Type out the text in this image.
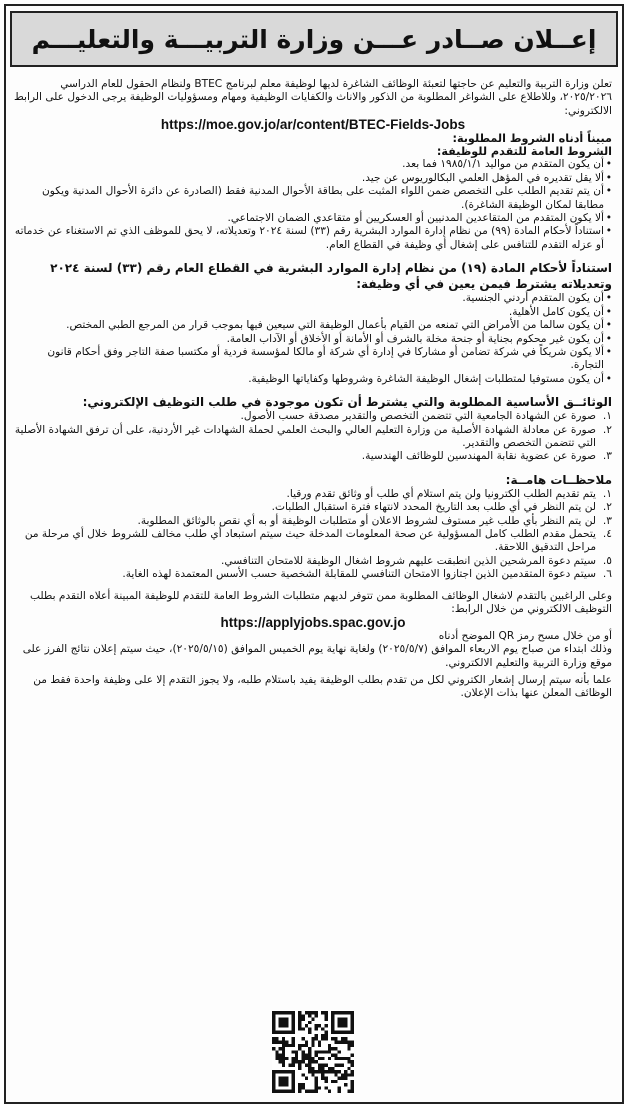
إعــلان صــادر عـــن وزارة التربيـــة والتعليـــم

تعلن وزارة التربية والتعليم عن حاجتها لتعبئة الوظائف الشاغرة لديها لوظيفة معلم لبرنامج BTEC ولنظام الحقول للعام الدراسي ٢٠٢٥/٢٠٢٦، وللاطلاع على الشواغر المطلوبة من الذكور والاناث والكفايات الوظيفية ومهام ومسؤوليات الوظيفة يرجى الدخول على الرابط الالكتروني:

https://moe.gov.jo/ar/content/BTEC-Fields-Jobs

مبيناً أدناه الشروط المطلوبة:

الشروط العامة للتقدم للوظيفة:

• أن يكون المتقدم من مواليد ١٩٨٥/١/١ فما بعد.
• ألا يقل تقديره في المؤهل العلمي البكالوريوس عن جيد.
• أن يتم تقديم الطلب على التخصص ضمن اللواء المثبت على بطاقة الأحوال المدنية فقط (الصادرة عن دائرة الأحوال المدنية ويكون مطابقا لمكان الوظيفة الشاغرة).
• ألا يكون المتقدم من المتقاعدين المدنيين أو العسكريين أو متقاعدي الضمان الاجتماعي.
• استناداً لأحكام المادة (٩٩) من نظام إدارة الموارد البشرية رقم (٣٣) لسنة ٢٠٢٤ وتعديلاته، لا يحق للموظف الذي تم الاستغناء عن خدماته أو عزله التقدم للتنافس على إشغال أي وظيفة في القطاع العام.

استناداً لأحكام المادة (١٩) من نظام إدارة الموارد البشرية في القطاع العام رقم (٣٣) لسنة ٢٠٢٤ وتعديلاته يشترط فيمن يعين في أي وظيفة:

• أن يكون المتقدم أردني الجنسية.
• أن يكون كامل الأهلية.
• أن يكون سالما من الأمراض التي تمنعه من القيام بأعمال الوظيفة التي سيعين فيها بموجب قرار من المرجع الطبي المختص.
• أن يكون غير محكوم بجناية أو جنحة مخلة بالشرف أو الأمانة أو الأخلاق أو الآداب العامة.
• ألا يكون شريكاً في شركة تضامن أو مشاركا في إدارة أي شركة أو مالكا لمؤسسة فردية أو مكتسبا صفة التاجر وفق أحكام قانون التجارة.
• أن يكون مستوفيا لمتطلبات إشغال الوظيفة الشاغرة وشروطها وكفاياتها الوظيفية.

الوثائــق الأساسية المطلوبة والتي يشترط أن تكون موجودة في طلب التوظيف الإلكتروني:

١.
صورة عن الشهادة الجامعية التي تتضمن التخصص والتقدير مصدقة حسب الأصول.
٢.
صورة عن معادلة الشهادة الأصلية من وزارة التعليم العالي والبحث العلمي لحملة الشهادات غير الأردنية، على أن ترفق الشهادة الأصلية التي تتضمن التخصص والتقدير.
٣.
صورة عن عضوية نقابة المهندسين للوظائف الهندسية.

ملاحظــات هامــة:

١.
يتم تقديم الطلب الكترونيا ولن يتم استلام أي طلب أو وثائق تقدم ورقيا.
٢.
لن يتم النظر في أي طلب بعد التاريخ المحدد لانتهاء فترة استقبال الطلبات.
٣.
لن يتم النظر بأي طلب غير مستوف لشروط الاعلان أو متطلبات الوظيفة أو به أي نقص بالوثائق المطلوبة.
٤.
يتحمل مقدم الطلب كامل المسؤولية عن صحة المعلومات المدخلة حيث سيتم استبعاد أي طلب مخالف للشروط خلال أي مرحلة من مراحل التدقيق اللاحقة.
٥.
سيتم دعوة المرشحين الذين انطبقت عليهم شروط اشغال الوظيفة للامتحان التنافسي.
٦.
سيتم دعوة المتقدمين الذين اجتازوا الامتحان التنافسي للمقابلة الشخصية حسب الأسس المعتمدة لهذه الغاية.

وعلى الراغبين بالتقدم لاشغال الوظائف المطلوبة ممن تتوفر لديهم متطلبات الشروط العامة للتقدم للوظيفة المبينة أعلاه التقدم بطلب التوظيف الالكتروني من خلال الرابط:

https://applyjobs.spac.gov.jo

أو من خلال مسح رمز QR الموضح أدناه

وذلك ابتداء من صباح يوم الاربعاء الموافق (٢٠٢٥/٥/٧) ولغاية نهاية يوم الخميس الموافق (٢٠٢٥/٥/١٥)، حيث سيتم إعلان نتائج الفرز على موقع وزارة التربية والتعليم الالكتروني.

علما بأنه سيتم إرسال إشعار الكتروني لكل من تقدم بطلب الوظيفة يفيد باستلام طلبه، ولا يجوز التقدم إلا على وظيفة واحدة فقط من الوظائف المعلن عنها بذات الإعلان.
